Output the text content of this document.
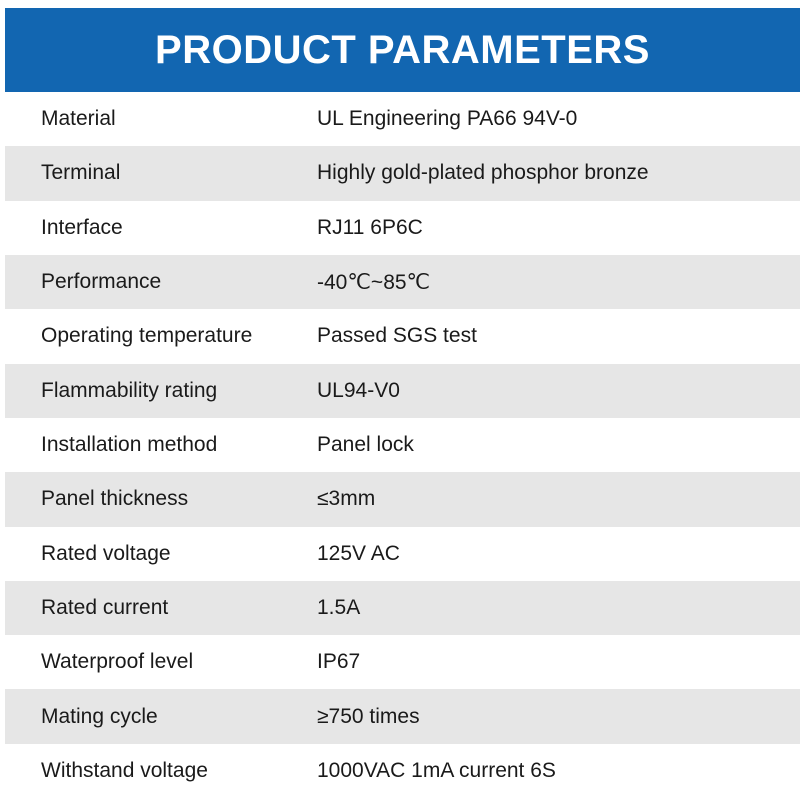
PRODUCT PARAMETERS
Material	UL Engineering PA66 94V-0
Terminal	Highly gold-plated phosphor bronze
Interface	RJ11 6P6C
Performance	-40℃~85℃
Operating temperature	Passed SGS test
Flammability rating	UL94-V0
Installation method	Panel lock
Panel thickness	≤3mm
Rated voltage	125V AC
Rated current	1.5A
Waterproof level	IP67
Mating cycle	≥750 times
Withstand voltage	1000VAC 1mA current 6S
